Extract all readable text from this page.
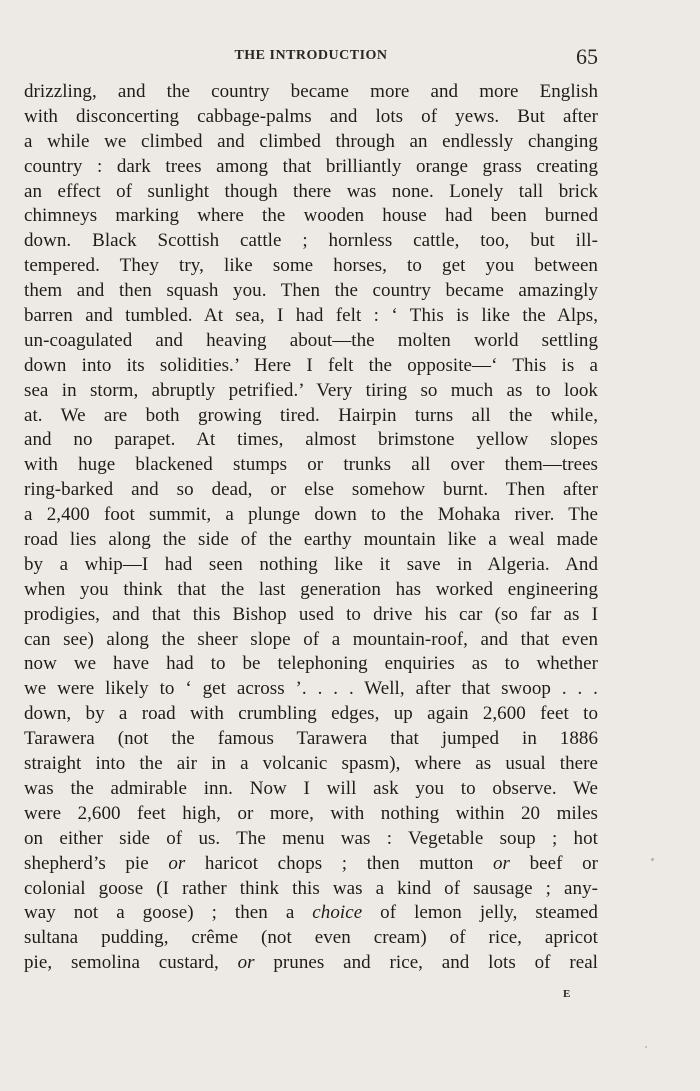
THE INTRODUCTION	65
drizzling, and the country became more and more English
with disconcerting cabbage-palms and lots of yews. But after
a while we climbed and climbed through an endlessly changing
country : dark trees among that brilliantly orange grass creating
an effect of sunlight though there was none. Lonely tall brick
chimneys marking where the wooden house had been burned
down. Black Scottish cattle ; hornless cattle, too, but ill-
tempered. They try, like some horses, to get you between
them and then squash you. Then the country became amazingly
barren and tumbled. At sea, I had felt : ‘ This is like the Alps,
un-coagulated and heaving about—the molten world settling
down into its solidities.’ Here I felt the opposite—‘ This is a
sea in storm, abruptly petrified.’ Very tiring so much as to look
at. We are both growing tired. Hairpin turns all the while,
and no parapet. At times, almost brimstone yellow slopes
with huge blackened stumps or trunks all over them—trees
ring-barked and so dead, or else somehow burnt. Then after
a 2,400 foot summit, a plunge down to the Mohaka river. The
road lies along the side of the earthy mountain like a weal made
by a whip—I had seen nothing like it save in Algeria. And
when you think that the last generation has worked engineering
prodigies, and that this Bishop used to drive his car (so far as I
can see) along the sheer slope of a mountain-roof, and that even
now we have had to be telephoning enquiries as to whether
we were likely to ‘ get across ’. . . . Well, after that swoop . . .
down, by a road with crumbling edges, up again 2,600 feet to
Tarawera (not the famous Tarawera that jumped in 1886
straight into the air in a volcanic spasm), where as usual there
was the admirable inn. Now I will ask you to observe. We
were 2,600 feet high, or more, with nothing within 20 miles
on either side of us. The menu was : Vegetable soup ; hot
shepherd’s pie or haricot chops ; then mutton or beef or
colonial goose (I rather think this was a kind of sausage ; any-
way not a goose) ; then a choice of lemon jelly, steamed
sultana pudding, crême (not even cream) of rice, apricot
pie, semolina custard, or prunes and rice, and lots of real
E
